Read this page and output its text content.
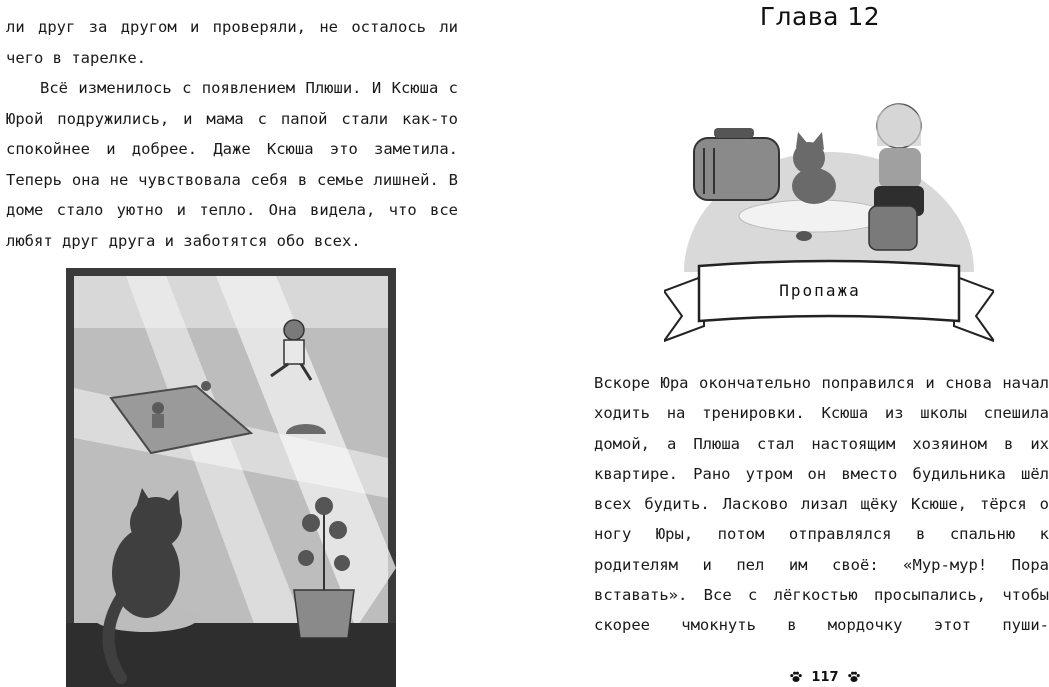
ли друг за другом и проверяли, не осталось ли чего в тарелке.

Всё изменилось с появлением Плюши. И Ксюша с Юрой подружились, и мама с папой стали как-то спокойнее и добрее. Даже Ксюша это заметила. Теперь она не чувствовала себя в семье лишней. В доме стало уютно и тепло. Она видела, что все любят друг друга и заботятся обо всех.

Глава 12
Пропажа

Вскоре Юра окончательно поправился и снова начал ходить на тренировки. Ксюша из школы спешила домой, а Плюша стал настоящим хозяином в их квартире. Рано утром он вместо будильника шёл всех будить. Ласково лизал щёку Ксюше, тёрся о ногу Юры, потом отправлялся в спальню к родителям и пел им своё: «Мур-мур! Пора вставать». Все с лёгкостью просыпались, чтобы скорее чмокнуть в мордочку этот пуши-

117
